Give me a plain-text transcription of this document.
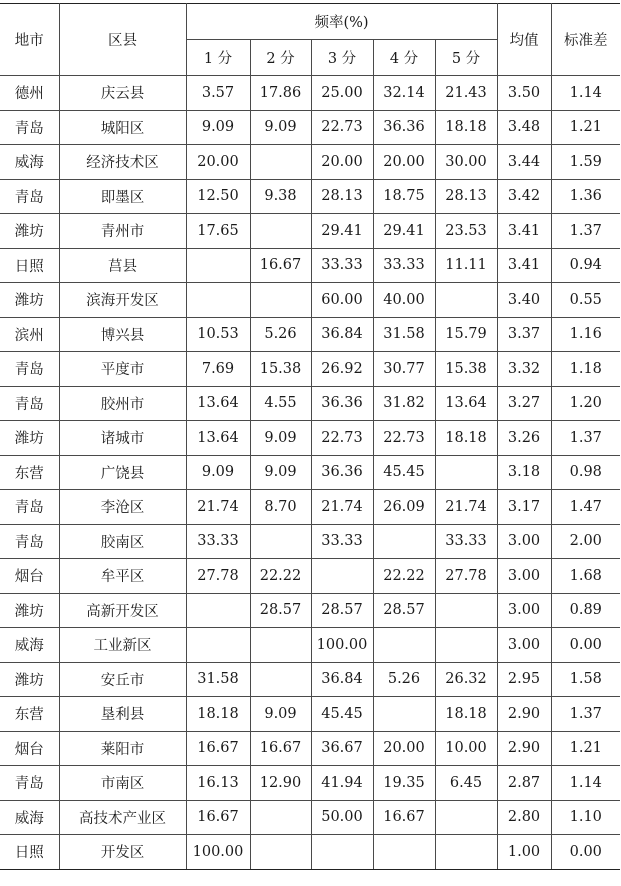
地市	区县	频率(%)					均值	标准差
		1 分	2 分	3 分	4 分	5 分		
德州	庆云县	3.57	17.86	25.00	32.14	21.43	3.50	1.14
青岛	城阳区	9.09	9.09	22.73	36.36	18.18	3.48	1.21
威海	经济技术区	20.00		20.00	20.00	30.00	3.44	1.59
青岛	即墨区	12.50	9.38	28.13	18.75	28.13	3.42	1.36
潍坊	青州市	17.65		29.41	29.41	23.53	3.41	1.37
日照	莒县		16.67	33.33	33.33	11.11	3.41	0.94
潍坊	滨海开发区			60.00	40.00		3.40	0.55
滨州	博兴县	10.53	5.26	36.84	31.58	15.79	3.37	1.16
青岛	平度市	7.69	15.38	26.92	30.77	15.38	3.32	1.18
青岛	胶州市	13.64	4.55	36.36	31.82	13.64	3.27	1.20
潍坊	诸城市	13.64	9.09	22.73	22.73	18.18	3.26	1.37
东营	广饶县	9.09	9.09	36.36	45.45		3.18	0.98
青岛	李沧区	21.74	8.70	21.74	26.09	21.74	3.17	1.47
青岛	胶南区	33.33		33.33		33.33	3.00	2.00
烟台	牟平区	27.78	22.22		22.22	27.78	3.00	1.68
潍坊	高新开发区		28.57	28.57	28.57		3.00	0.89
威海	工业新区			100.00			3.00	0.00
潍坊	安丘市	31.58		36.84	5.26	26.32	2.95	1.58
东营	垦利县	18.18	9.09	45.45		18.18	2.90	1.37
烟台	莱阳市	16.67	16.67	36.67	20.00	10.00	2.90	1.21
青岛	市南区	16.13	12.90	41.94	19.35	6.45	2.87	1.14
威海	高技术产业区	16.67		50.00	16.67		2.80	1.10
日照	开发区	100.00					1.00	0.00
